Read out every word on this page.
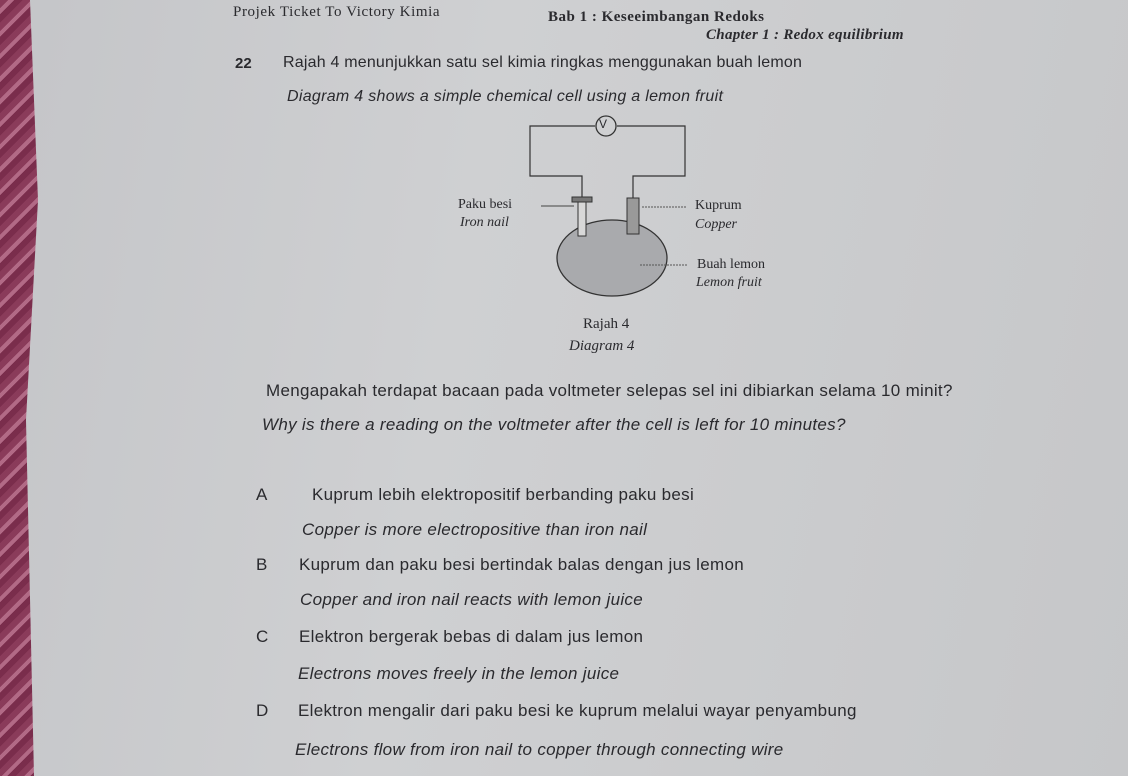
Projek Ticket To Victory Kimia	Bab 1 : Keseeimbangan Redoks
Chapter 1 : Redox equilibrium
22 Rajah 4 menunjukkan satu sel kimia ringkas menggunakan buah lemon
Diagram 4 shows a simple chemical cell using a lemon fruit
V
Paku besi
Iron nail
Kuprum
Copper
Buah lemon
Lemon fruit
Rajah 4
Diagram 4
Mengapakah terdapat bacaan pada voltmeter selepas sel ini dibiarkan selama 10 minit?
Why is there a reading on the voltmeter after the cell is left for 10 minutes?
A	Kuprum lebih elektropositif berbanding paku besi
Copper is more electropositive than iron nail
B Kuprum dan paku besi bertindak balas dengan jus lemon
Copper and iron nail reacts with lemon juice
C Elektron bergerak bebas di dalam jus lemon
Electrons moves freely in the lemon juice
D Elektron mengalir dari paku besi ke kuprum melalui wayar penyambung
Electrons flow from iron nail to copper through connecting wire
